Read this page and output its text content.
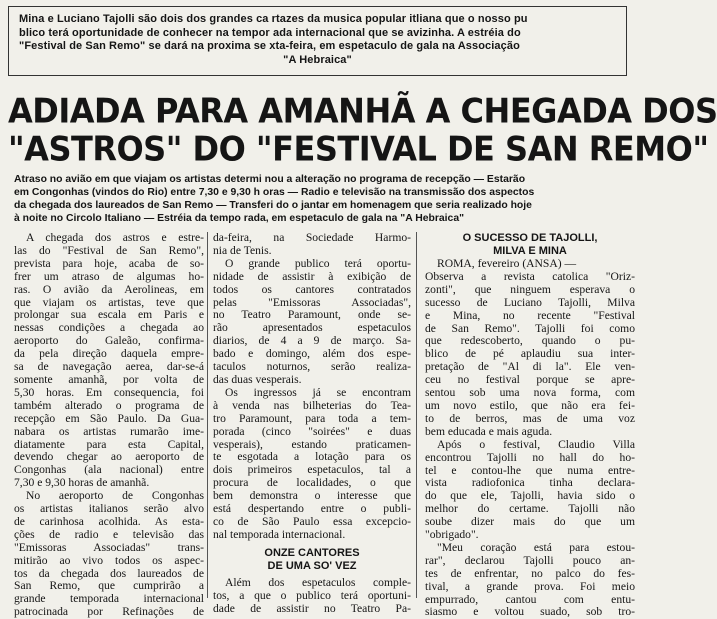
Mina e Luciano Tajolli são dois dos grandes ca rtazes da musica popular itliana que o nosso pu
blico terá oportunidade de conhecer na tempor ada internacional que se avizinha. A estréia do
"Festival de San Remo" se dará na proxima se xta-feira, em espetaculo de gala na Associação
"A Hebraica"
ADIADA PARA AMANHÃ A CHEGADA DOS
"ASTROS" DO "FESTIVAL DE SAN REMO"
Atraso no avião em que viajam os artistas determi nou a alteração no programa de recepção — Estarão
em Congonhas (vindos do Rio) entre 7,30 e 9,30 h oras — Radio e televisão na transmissão dos aspectos
da chegada dos laureados de San Remo — Transferi do o jantar em homenagem que seria realizado hoje
à noite no Circolo Italiano — Estréia da tempo rada, em espetaculo de gala na "A Hebraica"
A chegada dos astros e estre-
las do "Festival de San Remo",
prevista para hoje, acaba de so-
frer um atraso de algumas ho-
ras. O avião da Aerolineas, em
que viajam os artistas, teve que
prolongar sua escala em Paris e
nessas condições a chegada ao
aeroporto do Galeão, confirma-
da pela direção daquela empre-
sa de navegação aerea, dar-se-á
somente amanhã, por volta de
5,30 horas. Em consequencia, foi
também alterado o programa de
recepção em São Paulo. Da Gua-
nabara os artistas rumarão ime-
diatamente para esta Capital,
devendo chegar ao aeroporto de
Congonhas (ala nacional) entre
7,30 e 9,30 horas de amanhã.
No aeroporto de Congonhas
os artistas italianos serão alvo
de carinhosa acolhida. As esta-
ções de radio e televisão das
"Emissoras Associadas" trans-
mitirão ao vivo todos os aspec-
tos da chegada dos laureados de
San Remo, que cumprirão a
grande temporada internacional
patrocinada por Refinações de
da-feira, na Sociedade Harmo-
nia de Tenis.
O grande publico terá oportu-
nidade de assistir à exibição de
todos os cantores contratados
pelas "Emissoras Associadas",
no Teatro Paramount, onde se-
rão apresentados espetaculos
diarios, de 4 a 9 de março. Sa-
bado e domingo, além dos espe-
taculos noturnos, serão realiza-
das duas vesperais.
Os ingressos já se encontram
à venda nas bilheterias do Tea-
tro Paramount, para toda a tem-
porada (cinco "soirées" e duas
vesperais), estando praticamen-
te esgotada a lotação para os
dois primeiros espetaculos, tal a
procura de localidades, o que
bem demonstra o interesse que
está despertando entre o publi-
co de São Paulo essa excepcio-
nal temporada internacional.
ONZE CANTORES
DE UMA SO' VEZ
Além dos espetaculos comple-
tos, a que o publico terá oportuni-
dade de assistir no Teatro Pa-
O SUCESSO DE TAJOLLI,
MILVA E MINA
ROMA, fevereiro (ANSA) —
Observa a revista catolica "Oriz-
zonti", que ninguem esperava o
sucesso de Luciano Tajolli, Milva
e Mina, no recente "Festival
de San Remo". Tajolli foi como
que redescoberto, quando o pu-
blico de pé aplaudiu sua inter-
pretação de "Al di la". Ele ven-
ceu no festival porque se apre-
sentou sob uma nova forma, com
um novo estilo, que não era fei-
to de berros, mas de uma voz
bem educada e mais aguda.
Após o festival, Claudio Villa
encontrou Tajolli no hall do ho-
tel e contou-lhe que numa entre-
vista radiofonica tinha declara-
do que ele, Tajolli, havia sido o
melhor do certame. Tajolli não
soube dizer mais do que um
"obrigado".
"Meu coração está para estou-
rar", declarou Tajolli pouco an-
tes de enfrentar, no palco do fes-
tival, a grande prova. Foi meio
empurrado, cantou com entu-
siasmo e voltou suado, sob tro-
